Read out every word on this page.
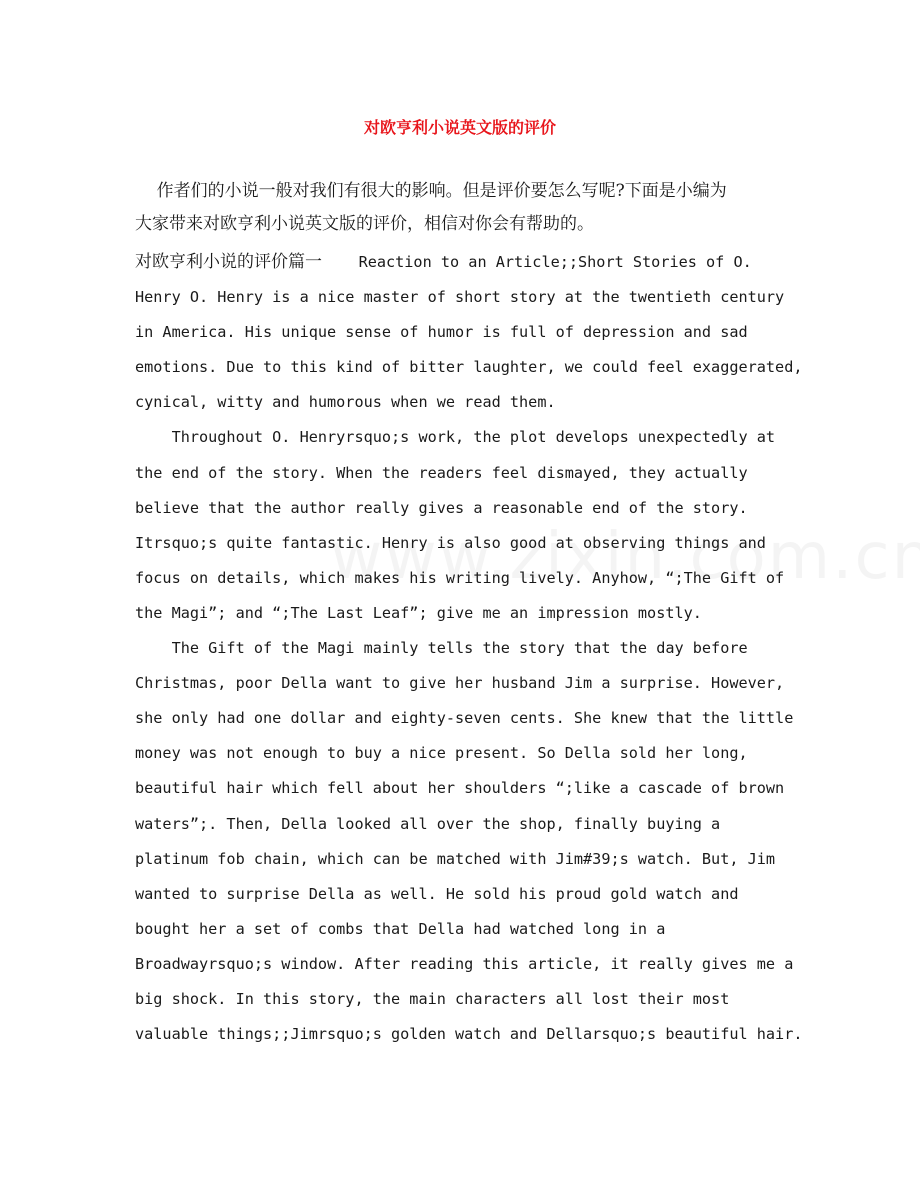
对欧亨利小说英文版的评价
作者们的小说一般对我们有很大的影响。但是评价要怎么写呢?下面是小编为
大家带来对欧亨利小说英文版的评价，相信对你会有帮助的。
对欧亨利小说的评价篇一    Reaction to an Article;;Short Stories of O.
Henry O. Henry is a nice master of short story at the twentieth century
in America. His unique sense of humor is full of depression and sad
emotions. Due to this kind of bitter laughter, we could feel exaggerated,
cynical, witty and humorous when we read them.
Throughout O. Henryrsquo;s work, the plot develops unexpectedly at
the end of the story. When the readers feel dismayed, they actually
believe that the author really gives a reasonable end of the story.
Itrsquo;s quite fantastic. Henry is also good at observing things and
focus on details, which makes his writing lively. Anyhow, “;The Gift of
the Magi”; and “;The Last Leaf”; give me an impression mostly.
The Gift of the Magi mainly tells the story that the day before
Christmas, poor Della want to give her husband Jim a surprise. However,
she only had one dollar and eighty-seven cents. She knew that the little
money was not enough to buy a nice present. So Della sold her long,
beautiful hair which fell about her shoulders “;like a cascade of brown
waters”;. Then, Della looked all over the shop, finally buying a
platinum fob chain, which can be matched with Jim#39;s watch. But, Jim
wanted to surprise Della as well. He sold his proud gold watch and
bought her a set of combs that Della had watched long in a
Broadwayrsquo;s window. After reading this article, it really gives me a
big shock. In this story, the main characters all lost their most
valuable things;;Jimrsquo;s golden watch and Dellarsquo;s beautiful hair.
